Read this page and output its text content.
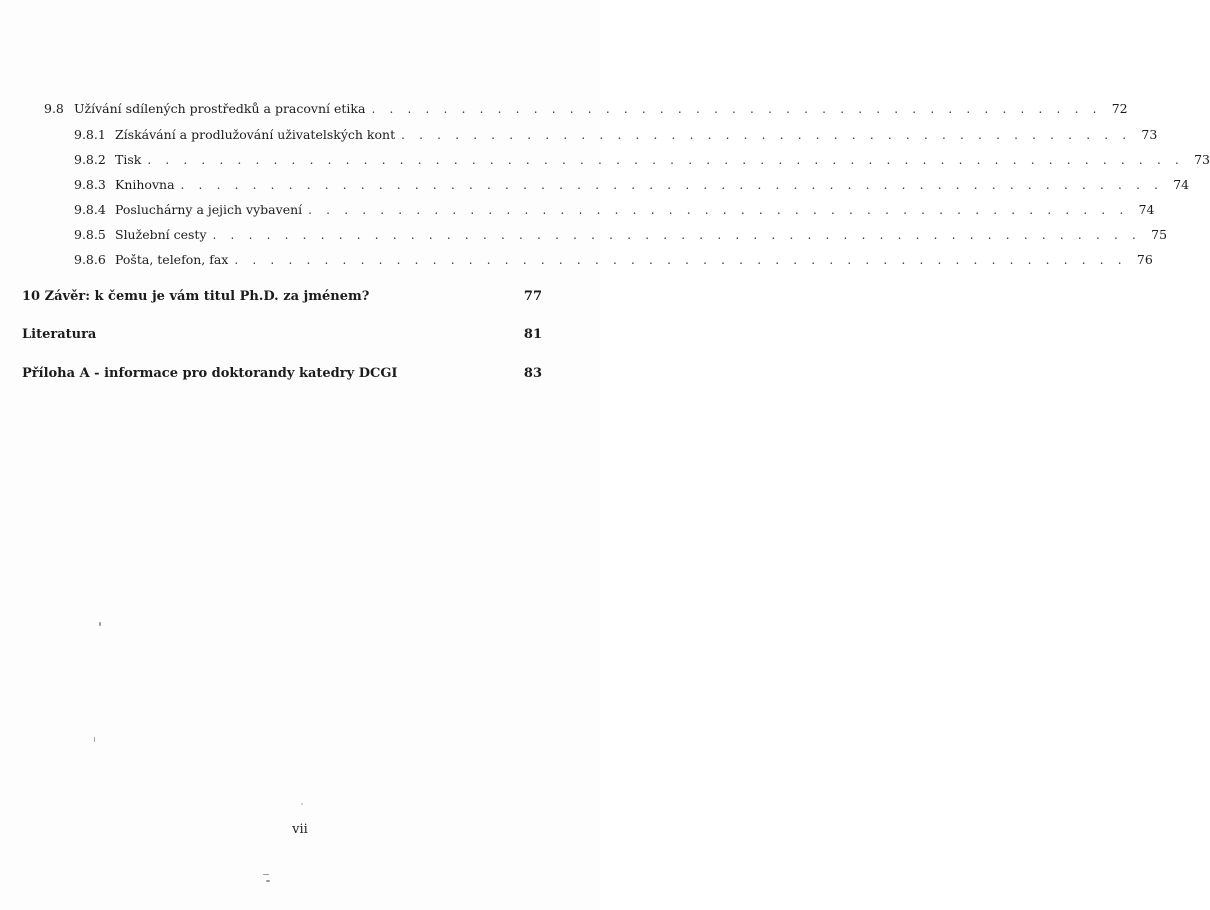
9.8 Užívání sdílených prostředků a pracovní etika . . . . . . . . . . . . . . . . . . . . . . . . . . . . . . . . . . . . . . . . . 72
9.8.1 Získávání a prodlužování uživatelských kont . . . . . . . . . . . . . . . . . . . . . . . . . . . . . . . . . . . . . . . . . 73
9.8.2 Tisk . . . . . . . . . . . . . . . . . . . . . . . . . . . . . . . . . . . . . . . . . . . . . . . . . . . . . . . . . . 73
9.8.3 Knihovna . . . . . . . . . . . . . . . . . . . . . . . . . . . . . . . . . . . . . . . . . . . . . . . . . . . . . . . 74
9.8.4 Posluchárny a jejich vybavení . . . . . . . . . . . . . . . . . . . . . . . . . . . . . . . . . . . . . . . . . . . . . . 74
9.8.5 Služební cesty . . . . . . . . . . . . . . . . . . . . . . . . . . . . . . . . . . . . . . . . . . . . . . . . . . . . 75
9.8.6 Pošta, telefon, fax . . . . . . . . . . . . . . . . . . . . . . . . . . . . . . . . . . . . . . . . . . . . . . . . . . 76
10 Závěr: k čemu je vám titul Ph.D. za jménem?	77
Literatura	81
Příloha A - informace pro doktorandy katedry DCGI	83
vii
